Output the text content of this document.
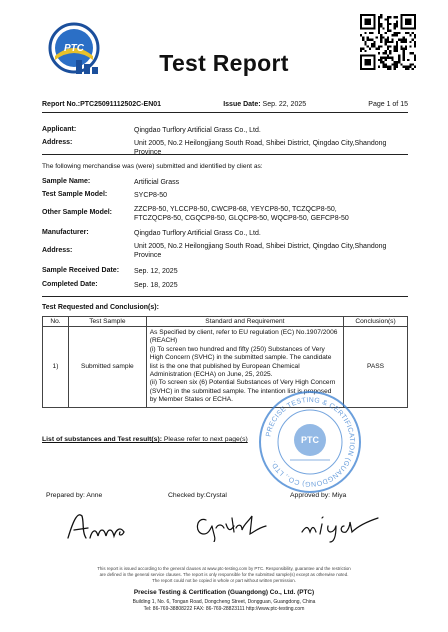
PTC
Test Report
Report No.:PTC25091112502C-EN01	Issue Date: Sep. 22, 2025	Page 1 of 15
Applicant:	Qingdao Turflory Artificial Grass Co., Ltd.
Address:	Unit 2005, No.2 Heilongjiang South Road, Shibei District, Qingdao City,Shandong Province
The following merchandise was (were) submitted and identified by client as:
Sample Name:	Artificial Grass
Test Sample Model:	SYCP8-50
Other Sample Model:	ZZCP8-50, YLCCP8-50, CWCP8-68, YEYCP8-50, TCZQCP8-50,
FTCZQCP8-50, CGQCP8-50, GLQCP8-50, WQCP8-50, GEFCP8-50
Manufacturer:	Qingdao Turflory Artificial Grass Co., Ltd.
Address:
Unit 2005, No.2 Heilongjiang South Road, Shibei District, Qingdao City,Shandong Province
Sample Received Date:	Sep. 12, 2025
Completed Date:	Sep. 18, 2025
Test Requested and Conclusion(s):
No.	Test Sample	Standard and Requirement	Conclusion(s)
1)	Submitted sample	As Specified by client, refer to EU regulation (EC) No.1907/2006 (REACH)
(i) To screen two hundred and fifty (250) Substances of Very High Concern (SVHC) in the submitted sample. The candidate list is the one that published by European Chemical Administration (ECHA) on June, 25, 2025.
(ii) To screen six (6) Potential Substances of Very High Concern (SVHC) in the submitted sample. The intention list is proposed by Member States or ECHA.	PASS
List of substances and Test result(s): Please refer to next page(s)
PRECISE TESTING & CERTIFICATION (GUANGDONG) CO., LTD.
PTC
Prepared by: Anne	Checked by:Crystal	Approved by: Miya
This report is issued according to the general clauses at www.ptc-testing.com by PTC. Responsibility, guarantee and the restriction
are defined in the general service clauses. The report is only responsible for the submitted sample(s) except as otherwise noted.
The report could not be copied in whole or part without written permission.
Precise Testing & Certification (Guangdong) Co., Ltd. (PTC)
Building 1, No. 6, Tongan Road, Dongcheng Street, Dongguan, Guangdong, China
Tel: 86-769-38808222 FAX: 86-769-28823111 http://www.ptc-testing.com
